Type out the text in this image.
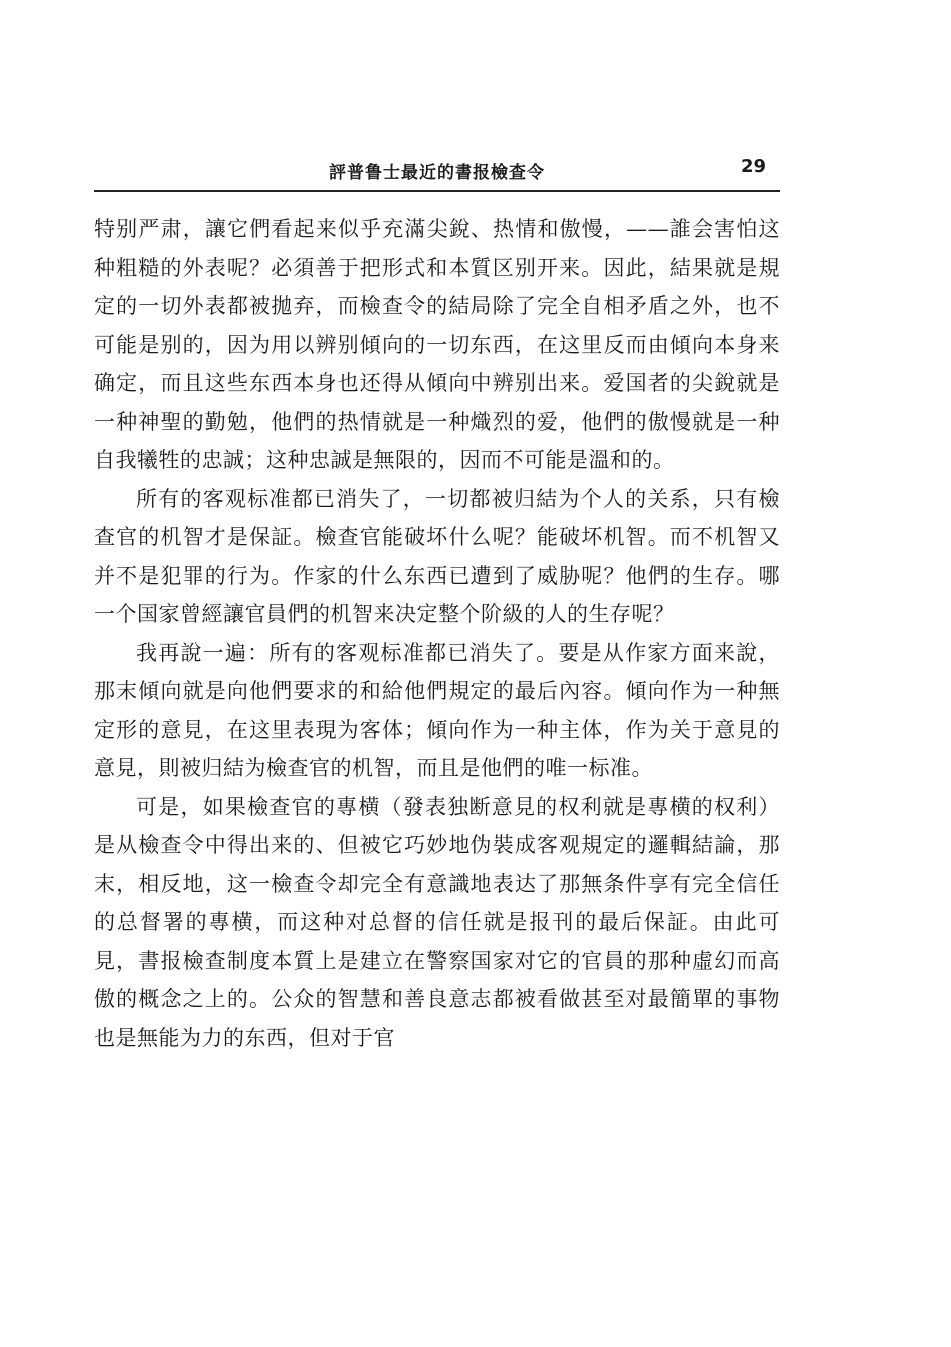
評普鲁士最近的書报檢查令	29

特别严肃，讓它們看起来似乎充滿尖銳、热情和傲慢，——誰会害怕这种粗糙的外表呢？必須善于把形式和本質区别开来。因此，結果就是規定的一切外表都被拋弃，而檢查令的結局除了完全自相矛盾之外，也不可能是别的，因为用以辨别傾向的一切东西，在这里反而由傾向本身来确定，而且这些东西本身也还得从傾向中辨别出来。爱国者的尖銳就是一种神聖的勤勉，他們的热情就是一种熾烈的爱，他們的傲慢就是一种自我犧牲的忠誠；这种忠誠是無限的，因而不可能是溫和的。

所有的客观标准都已消失了，一切都被归結为个人的关系，只有檢查官的机智才是保証。檢查官能破坏什么呢？能破坏机智。而不机智又并不是犯罪的行为。作家的什么东西已遭到了威胁呢？他們的生存。哪一个国家曾經讓官員們的机智来决定整个阶級的人的生存呢？

我再說一遍：所有的客观标准都已消失了。要是从作家方面来說，那末傾向就是向他們要求的和給他們規定的最后內容。傾向作为一种無定形的意見，在这里表現为客体；傾向作为一种主体，作为关于意見的意見，則被归結为檢查官的机智，而且是他們的唯一标准。

可是，如果檢查官的專横（發表独断意見的权利就是專横的权利）是从檢查令中得出来的、但被它巧妙地伪裝成客观規定的邏輯結論，那末，相反地，这一檢查令却完全有意識地表达了那無条件享有完全信任的总督署的專横，而这种对总督的信任就是报刊的最后保証。由此可見，書报檢查制度本質上是建立在警察国家对它的官員的那种虛幻而高傲的概念之上的。公众的智慧和善良意志都被看做甚至对最簡單的事物也是無能为力的东西，但对于官
